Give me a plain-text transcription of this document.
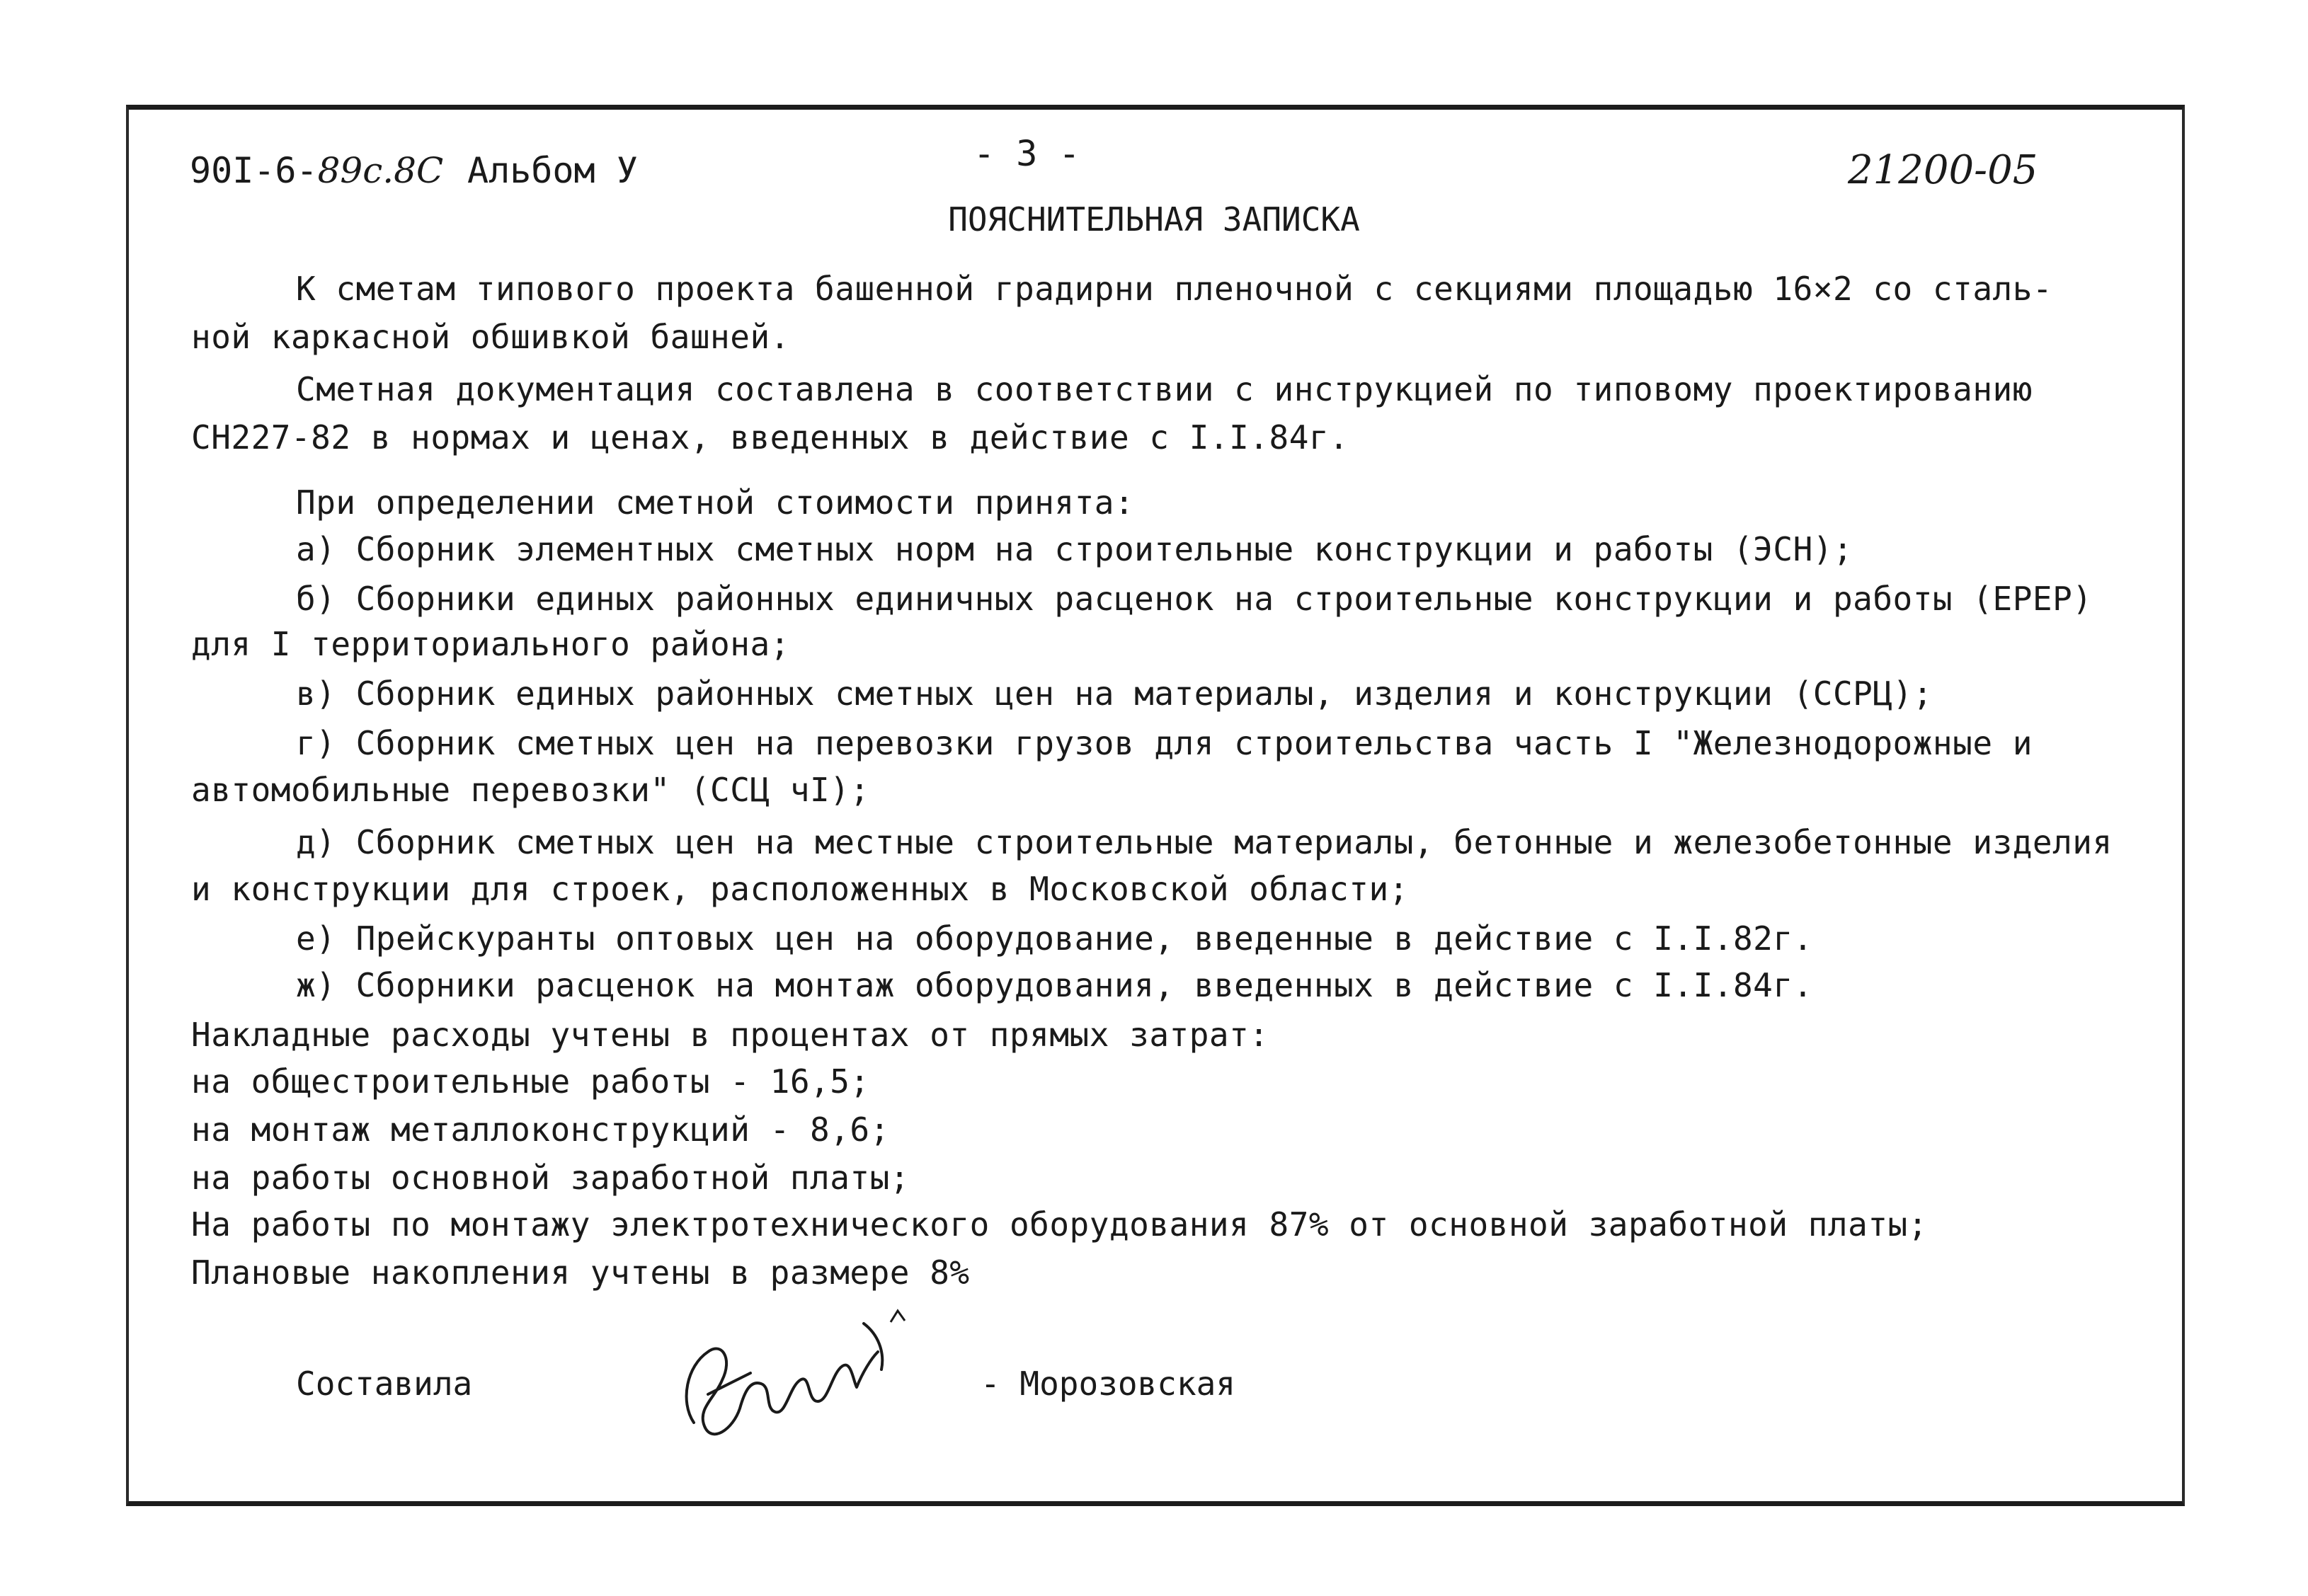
90I-6-89с.8С Альбом У	- 3 -	21200-05
ПОЯСНИТЕЛЬНАЯ ЗАПИСКА
К сметам типового проекта башенной градирни пленочной с секциями площадью 16×2 со сталь-
ной каркасной обшивкой башней.
Сметная документация составлена в соответствии с инструкцией по типовому проектированию
СН227-82 в нормах и ценах, введенных в действие с I.I.84г.
При определении сметной стоимости принята:
а) Сборник элементных сметных норм на строительные конструкции и работы (ЭСН);
б) Сборники единых районных единичных расценок на строительные конструкции и работы (ЕРЕР)
для I территориального района;
в) Сборник единых районных сметных цен на материалы, изделия и конструкции (ССРЦ);
г) Сборник сметных цен на перевозки грузов для строительства часть I "Железнодорожные и
автомобильные перевозки" (ССЦ чI);
д) Сборник сметных цен на местные строительные материалы, бетонные и железобетонные изделия
и конструкции для строек, расположенных в Московской области;
е) Прейскуранты оптовых цен на оборудование, введенные в действие с I.I.82г.
ж) Сборники расценок на монтаж оборудования, введенных в действие с I.I.84г.
Накладные расходы учтены в процентах от прямых затрат:
на общестроительные работы - 16,5;
на монтаж металлоконструкций - 8,6;
на работы основной заработной платы;
На работы по монтажу электротехнического оборудования 87% от основной заработной платы;
Плановые накопления учтены в размере 8%
Составила	- Морозовская
